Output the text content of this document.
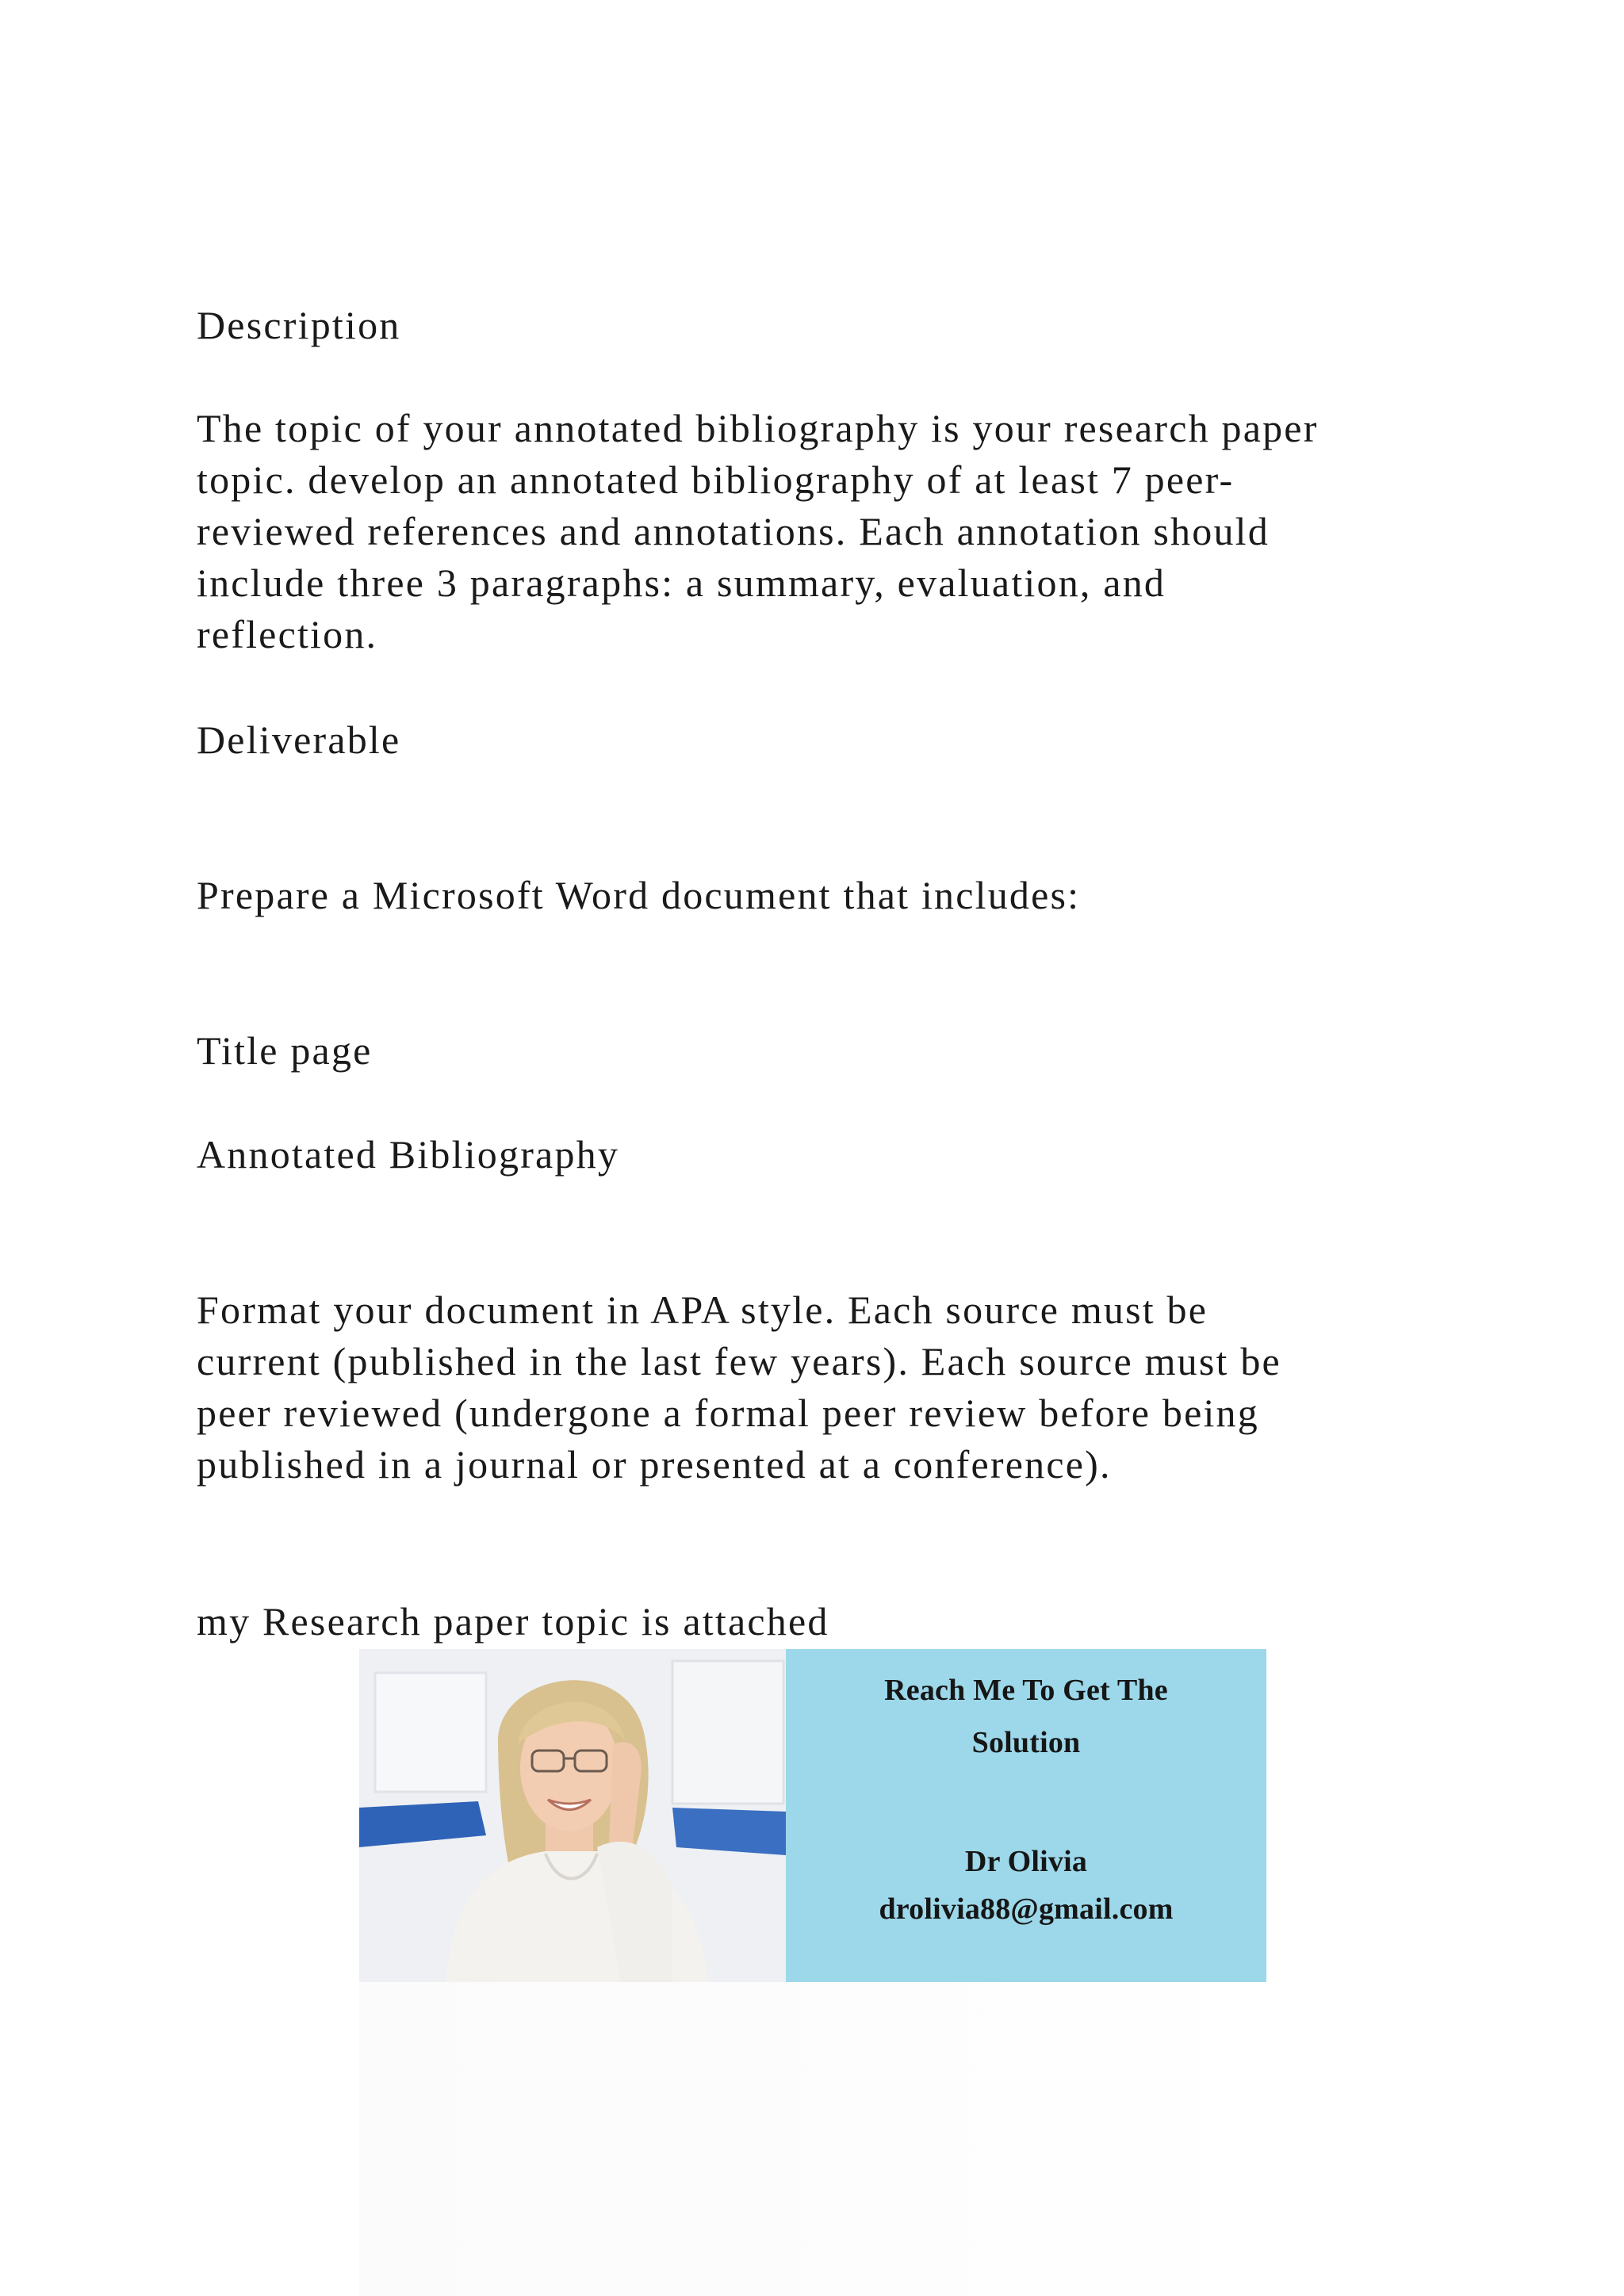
Description

The topic of your annotated bibliography is your research paper
topic. develop an annotated bibliography of at least 7 peer-
reviewed references and annotations. Each annotation should
include three 3 paragraphs: a summary, evaluation, and
reflection.

Deliverable

Prepare a Microsoft Word document that includes:

Title page

Annotated Bibliography

Format your document in APA style. Each source must be
current (published in the last few years). Each source must be
peer reviewed (undergone a formal peer review before being
published in a journal or presented at a conference).

my Research paper topic is attached

Reach Me To Get The

Solution

Dr Olivia

drolivia88@gmail.com
